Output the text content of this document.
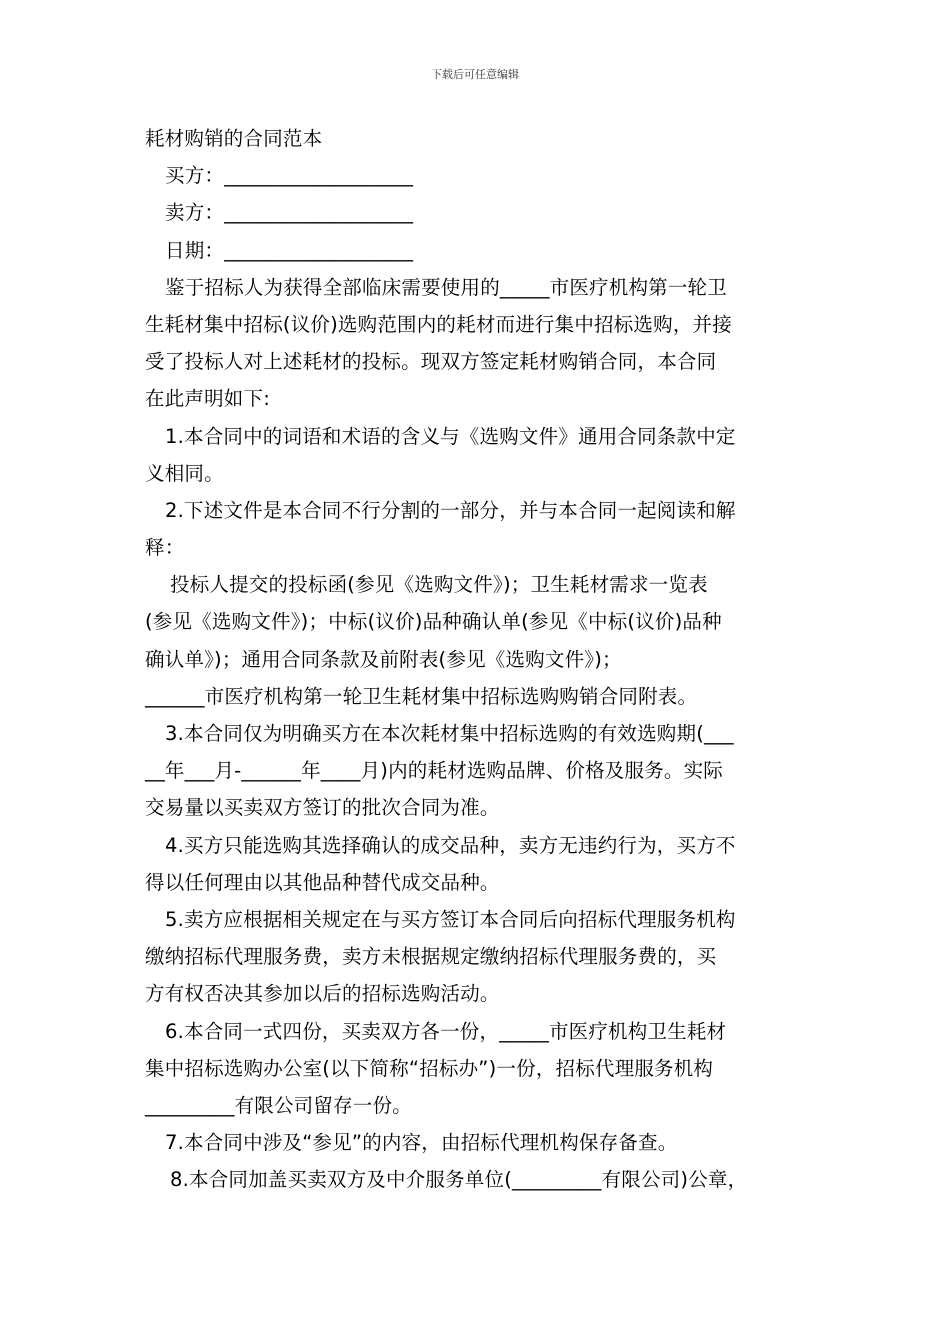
下载后可任意编辑
耗材购销的合同范本
买方：___________________
卖方：___________________
日期：___________________
鉴于招标人为获得全部临床需要使用的_____市医疗机构第一轮卫
生耗材集中招标(议价)选购范围内的耗材而进行集中招标选购，并接
受了投标人对上述耗材的投标。现双方签定耗材购销合同，本合同
在此声明如下:
1.本合同中的词语和术语的含义与《选购文件》通用合同条款中定
义相同。
2.下述文件是本合同不行分割的一部分，并与本合同一起阅读和解
释：
投标人提交的投标函(参见《选购文件》)；卫生耗材需求一览表
(参见《选购文件》)；中标(议价)品种确认单(参见《中标(议价)品种
确认单》)；通用合同条款及前附表(参见《选购文件》)；
______市医疗机构第一轮卫生耗材集中招标选购购销合同附表。
3.本合同仅为明确买方在本次耗材集中招标选购的有效选购期(___
__年___月-______年____月)内的耗材选购品牌、价格及服务。实际
交易量以买卖双方签订的批次合同为准。
4.买方只能选购其选择确认的成交品种，卖方无违约行为，买方不
得以任何理由以其他品种替代成交品种。
5.卖方应根据相关规定在与买方签订本合同后向招标代理服务机构
缴纳招标代理服务费，卖方未根据规定缴纳招标代理服务费的，买
方有权否决其参加以后的招标选购活动。
6.本合同一式四份，买卖双方各一份，_____市医疗机构卫生耗材
集中招标选购办公室(以下简称“招标办”)一份，招标代理服务机构
_________有限公司留存一份。
7.本合同中涉及“参见”的内容，由招标代理机构保存备查。
8.本合同加盖买卖双方及中介服务单位(_________有限公司)公章，
